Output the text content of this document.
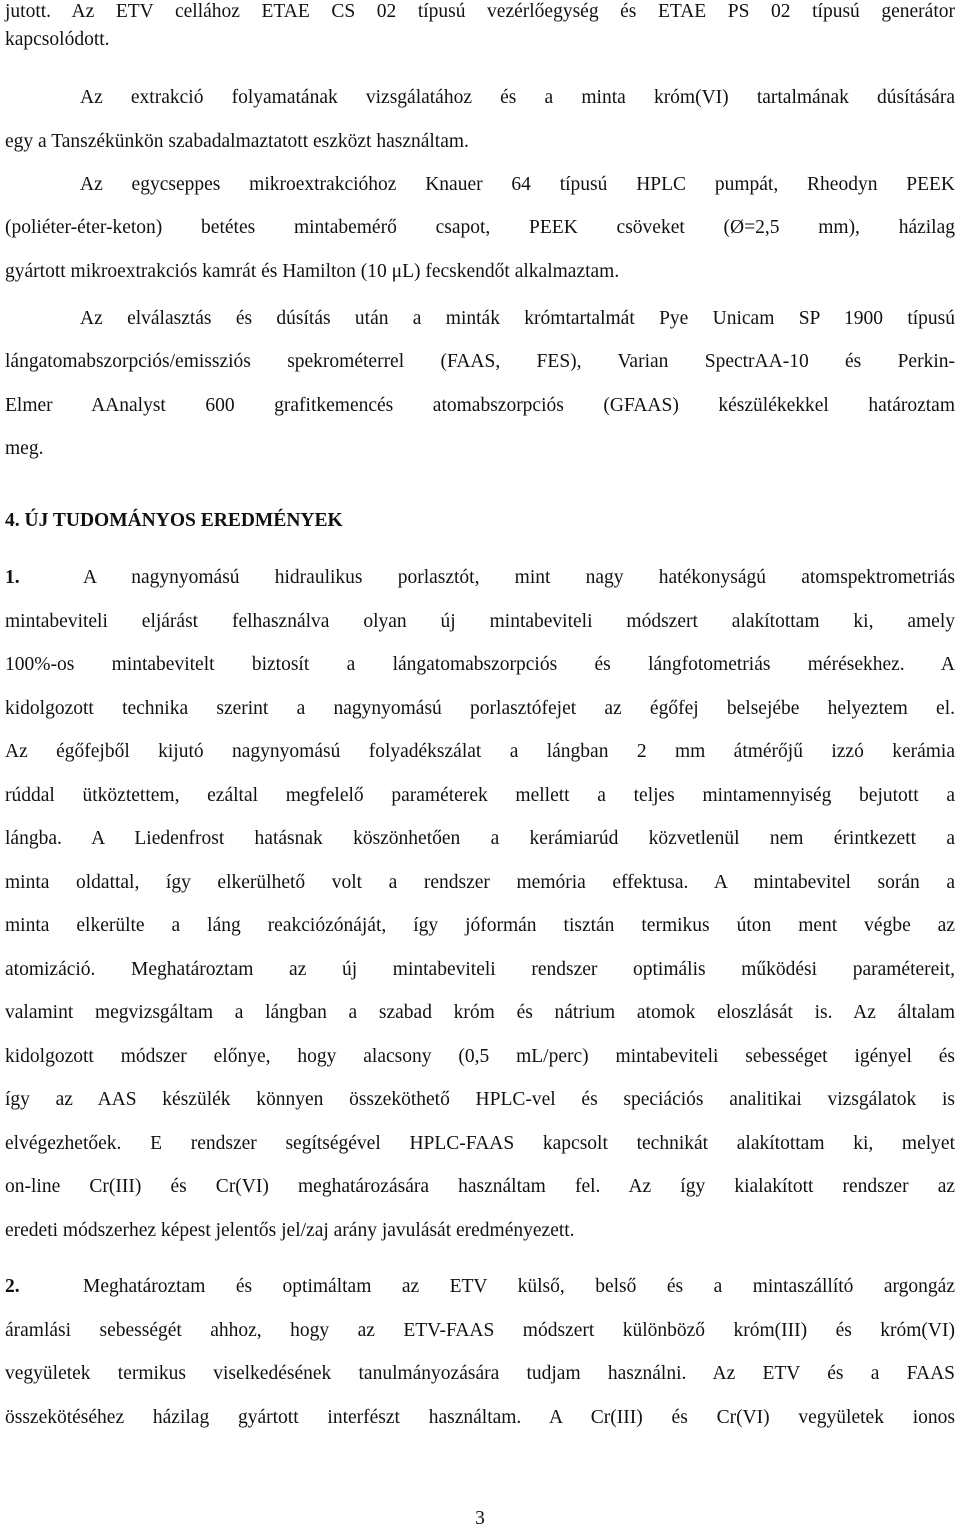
jutott. Az ETV cellához ETAE CS 02 típusú vezérlőegység és ETAE PS 02 típusú generátor
kapcsolódott.
Az extrakció folyamatának vizsgálatához és a minta króm(VI) tartalmának dúsítására
egy a Tanszékünkön szabadalmaztatott eszközt használtam.
Az egycseppes mikroextrakcióhoz Knauer 64 típusú HPLC pumpát, Rheodyn PEEK
(poliéter-éter-keton) betétes mintabemérő csapot, PEEK csöveket (Ø=2,5 mm), házilag
gyártott mikroextrakciós kamrát és Hamilton (10 μL) fecskendőt alkalmaztam.
Az elválasztás és dúsítás után a minták krómtartalmát Pye Unicam SP 1900 típusú
lángatomabszorpciós/emissziós spekrométerrel (FAAS, FES), Varian SpectrAA-10 és Perkin-
Elmer AAnalyst 600 grafitkemencés atomabszorpciós (GFAAS) készülékekkel határoztam
meg.
4. ÚJ TUDOMÁNYOS EREDMÉNYEK
1.	A nagynyomású hidraulikus porlasztót, mint nagy hatékonyságú atomspektrometriás
mintabeviteli eljárást felhasználva olyan új mintabeviteli módszert alakítottam ki, amely
100%-os mintabevitelt biztosít a lángatomabszorpciós és lángfotometriás mérésekhez. A
kidolgozott technika szerint a nagynyomású porlasztófejet az égőfej belsejébe helyeztem el.
Az égőfejből kijutó nagynyomású folyadékszálat a lángban 2 mm átmérőjű izzó kerámia
rúddal ütköztettem, ezáltal megfelelő paraméterek mellett a teljes mintamennyiség bejutott a
lángba. A Liedenfrost hatásnak köszönhetően a kerámiarúd közvetlenül nem érintkezett a
minta oldattal, így elkerülhető volt a rendszer memória effektusa. A mintabevitel során a
minta elkerülte a láng reakciózónáját, így jóformán tisztán termikus úton ment végbe az
atomizáció. Meghatároztam az új mintabeviteli rendszer optimális működési paramétereit,
valamint megvizsgáltam a lángban a szabad króm és nátrium atomok eloszlását is. Az általam
kidolgozott módszer előnye, hogy alacsony (0,5 mL/perc) mintabeviteli sebességet igényel és
így az AAS készülék könnyen összeköthető HPLC-vel és speciációs analitikai vizsgálatok is
elvégezhetőek. E rendszer segítségével HPLC-FAAS kapcsolt technikát alakítottam ki, melyet
on-line Cr(III) és Cr(VI) meghatározására használtam fel. Az így kialakított rendszer az
eredeti módszerhez képest jelentős jel/zaj arány javulását eredményezett.
2.	Meghatároztam és optimáltam az ETV külső, belső és a mintaszállító argongáz
áramlási sebességét ahhoz, hogy az ETV-FAAS módszert különböző króm(III) és króm(VI)
vegyületek termikus viselkedésének tanulmányozására tudjam használni. Az ETV és a FAAS
összekötéséhez házilag gyártott interfészt használtam. A Cr(III) és Cr(VI) vegyületek ionos
3
